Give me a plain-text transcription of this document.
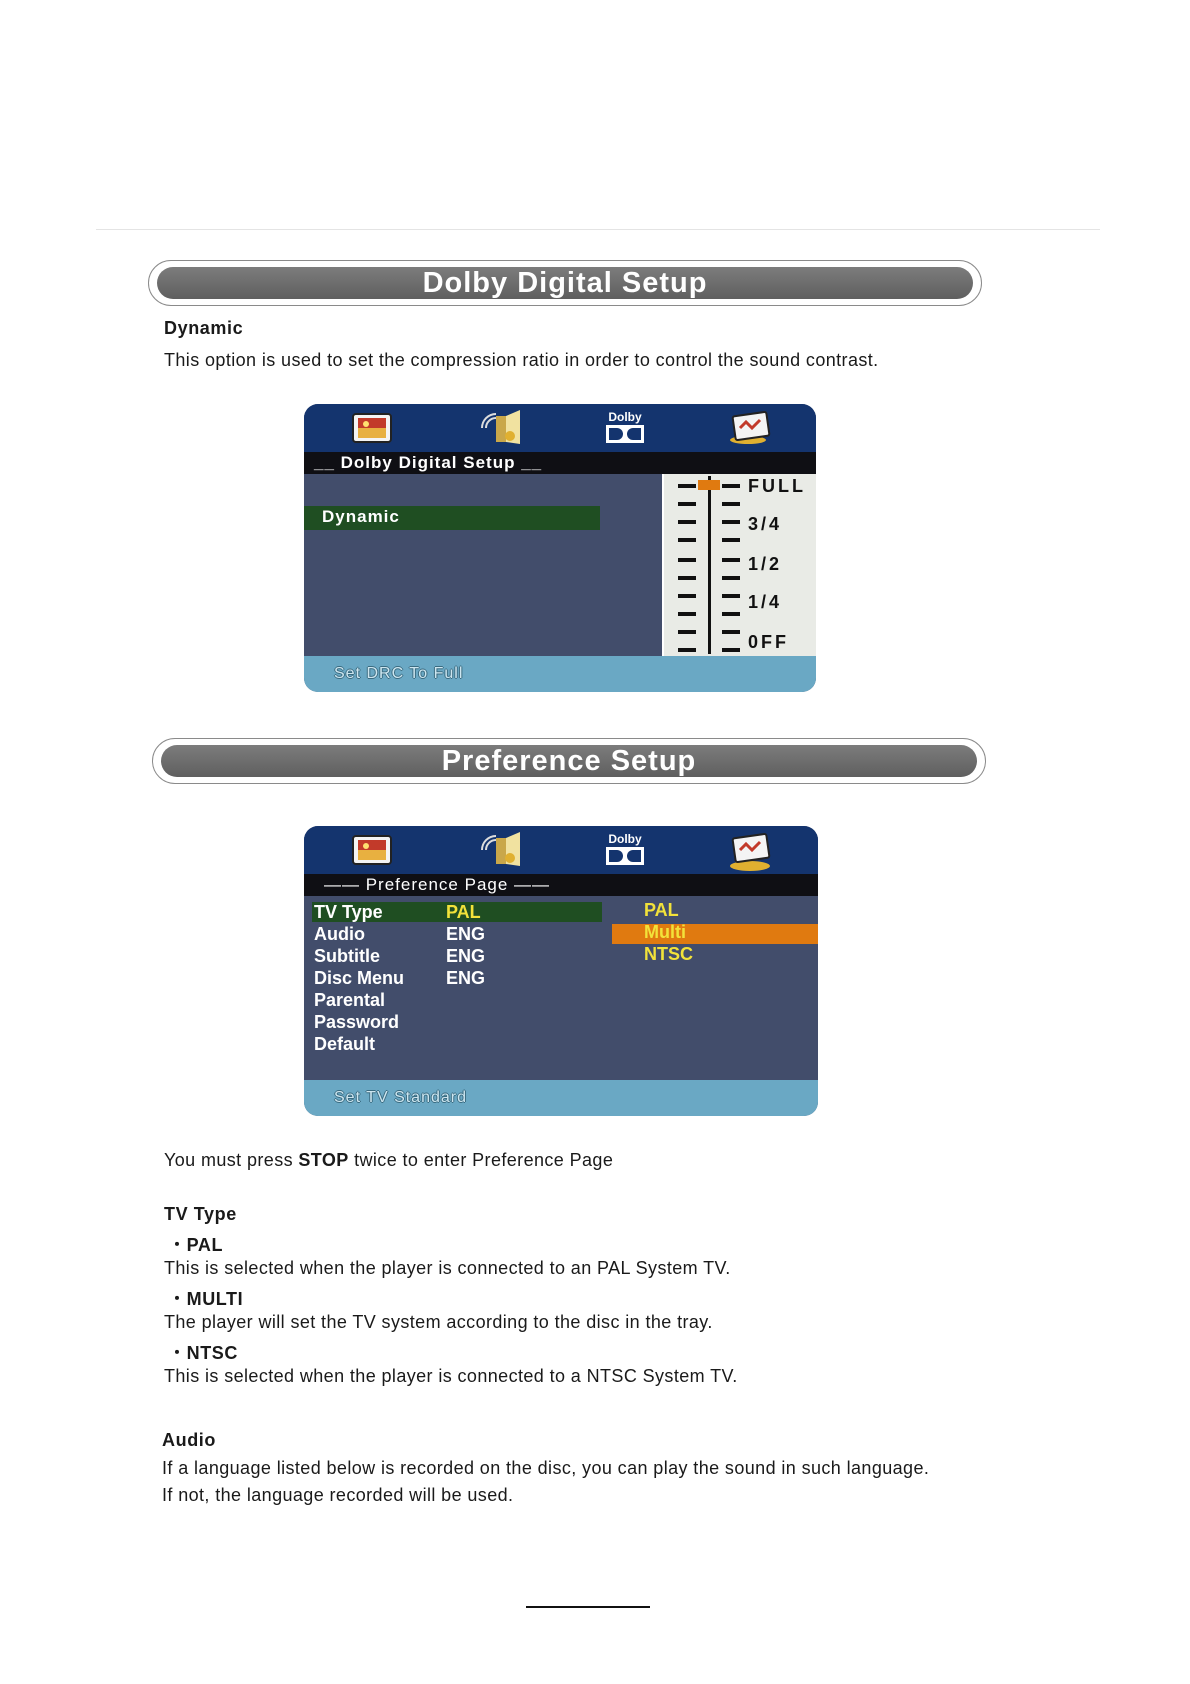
Dolby Digital Setup
Dynamic
This option is used to set the compression ratio in order to control the sound contrast.
Dolby
__ Dolby Digital Setup __
Dynamic
FULL
3/4
1/2
1/4
0FF
Set DRC To Full
Preference Setup
Dolby
—— Preference Page ——
TV Type
Audio
Subtitle
Disc Menu
Parental
Password
Default
PAL
ENG
ENG
ENG
PAL
Multi
NTSC
Set TV Standard
You must press STOP twice to enter Preference Page
TV Type
・PAL
This is selected when the player is connected to an PAL System TV.
・MULTI
The player will set the TV system according to the disc in the tray.
・NTSC
This is selected when the player is connected to a NTSC System TV.
Audio
If a language listed below is recorded on the disc, you can play the sound in such language.
If not, the language recorded will be used.
